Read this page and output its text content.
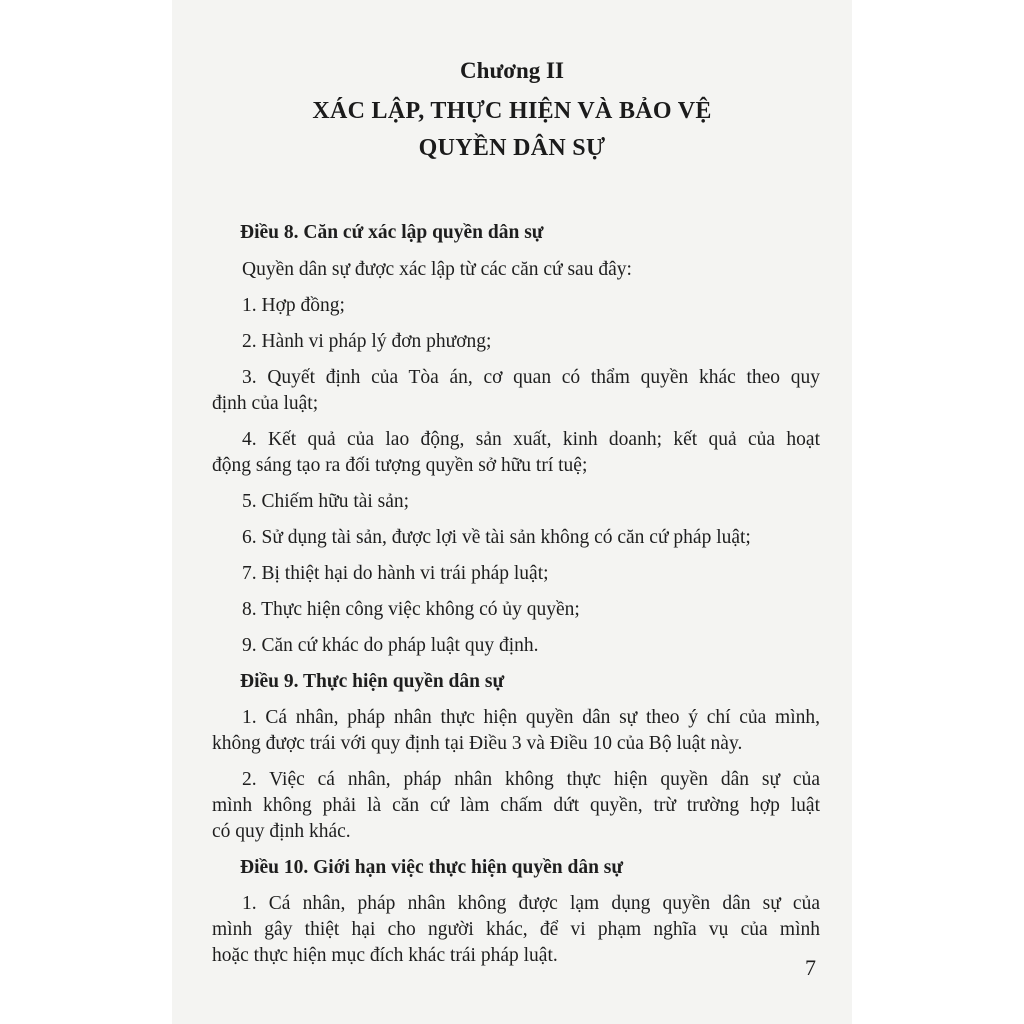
Chương II
XÁC LẬP, THỰC HIỆN VÀ BẢO VỆ
QUYỀN DÂN SỰ
Điều 8. Căn cứ xác lập quyền dân sự
Quyền dân sự được xác lập từ các căn cứ sau đây:
1. Hợp đồng;
2. Hành vi pháp lý đơn phương;
3. Quyết định của Tòa án, cơ quan có thẩm quyền khác theo quy
định của luật;
4. Kết quả của lao động, sản xuất, kinh doanh; kết quả của hoạt
động sáng tạo ra đối tượng quyền sở hữu trí tuệ;
5. Chiếm hữu tài sản;
6. Sử dụng tài sản, được lợi về tài sản không có căn cứ pháp luật;
7. Bị thiệt hại do hành vi trái pháp luật;
8. Thực hiện công việc không có ủy quyền;
9. Căn cứ khác do pháp luật quy định.
Điều 9. Thực hiện quyền dân sự
1. Cá nhân, pháp nhân thực hiện quyền dân sự theo ý chí của mình,
không được trái với quy định tại Điều 3 và Điều 10 của Bộ luật này.
2. Việc cá nhân, pháp nhân không thực hiện quyền dân sự của
mình không phải là căn cứ làm chấm dứt quyền, trừ trường hợp luật
có quy định khác.
Điều 10. Giới hạn việc thực hiện quyền dân sự
1. Cá nhân, pháp nhân không được lạm dụng quyền dân sự của
mình gây thiệt hại cho người khác, để vi phạm nghĩa vụ của mình
hoặc thực hiện mục đích khác trái pháp luật.	7
